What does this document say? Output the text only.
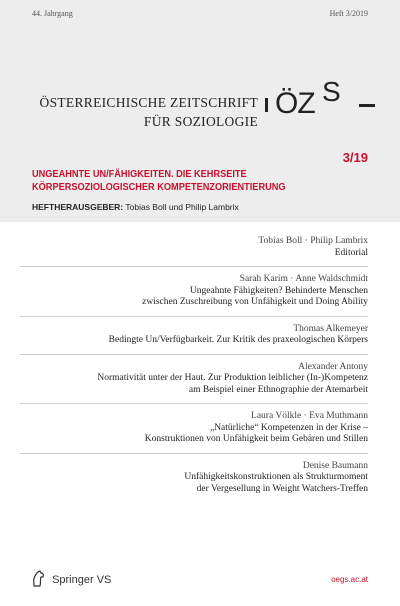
44. Jahrgang	Heft 3/2019
ÖSTERREICHISCHE ZEITSCHRIFT
FÜR SOZIOLOGIE
ÖZ S
3/19
UNGEAHNTE UN/FÄHIGKEITEN. DIE KEHRSEITE
KÖRPERSOZIOLOGISCHER KOMPETENZORIENTIERUNG
HEFTHERAUSGEBER: Tobias Boll und Philip Lambrix
Tobias Boll · Philip Lambrix
Editorial
Sarah Karim · Anne Waldschmidt
Ungeahnte Fähigkeiten? Behinderte Menschen
zwischen Zuschreibung von Unfähigkeit und Doing Ability
Thomas Alkemeyer
Bedingte Un/Verfügbarkeit. Zur Kritik des praxeologischen Körpers
Alexander Antony
Normativität unter der Haut. Zur Produktion leiblicher (In-)Kompetenz
am Beispiel einer Ethnographie der Atemarbeit
Laura Völkle · Eva Muthmann
„Natürliche“ Kompetenzen in der Krise –
Konstruktionen von Unfähigkeit beim Gebären und Stillen
Denise Baumann
Unfähigkeitskonstruktionen als Strukturmoment
der Vergesellung in Weight Watchers-Treffen
Springer VS	oegs.ac.at
